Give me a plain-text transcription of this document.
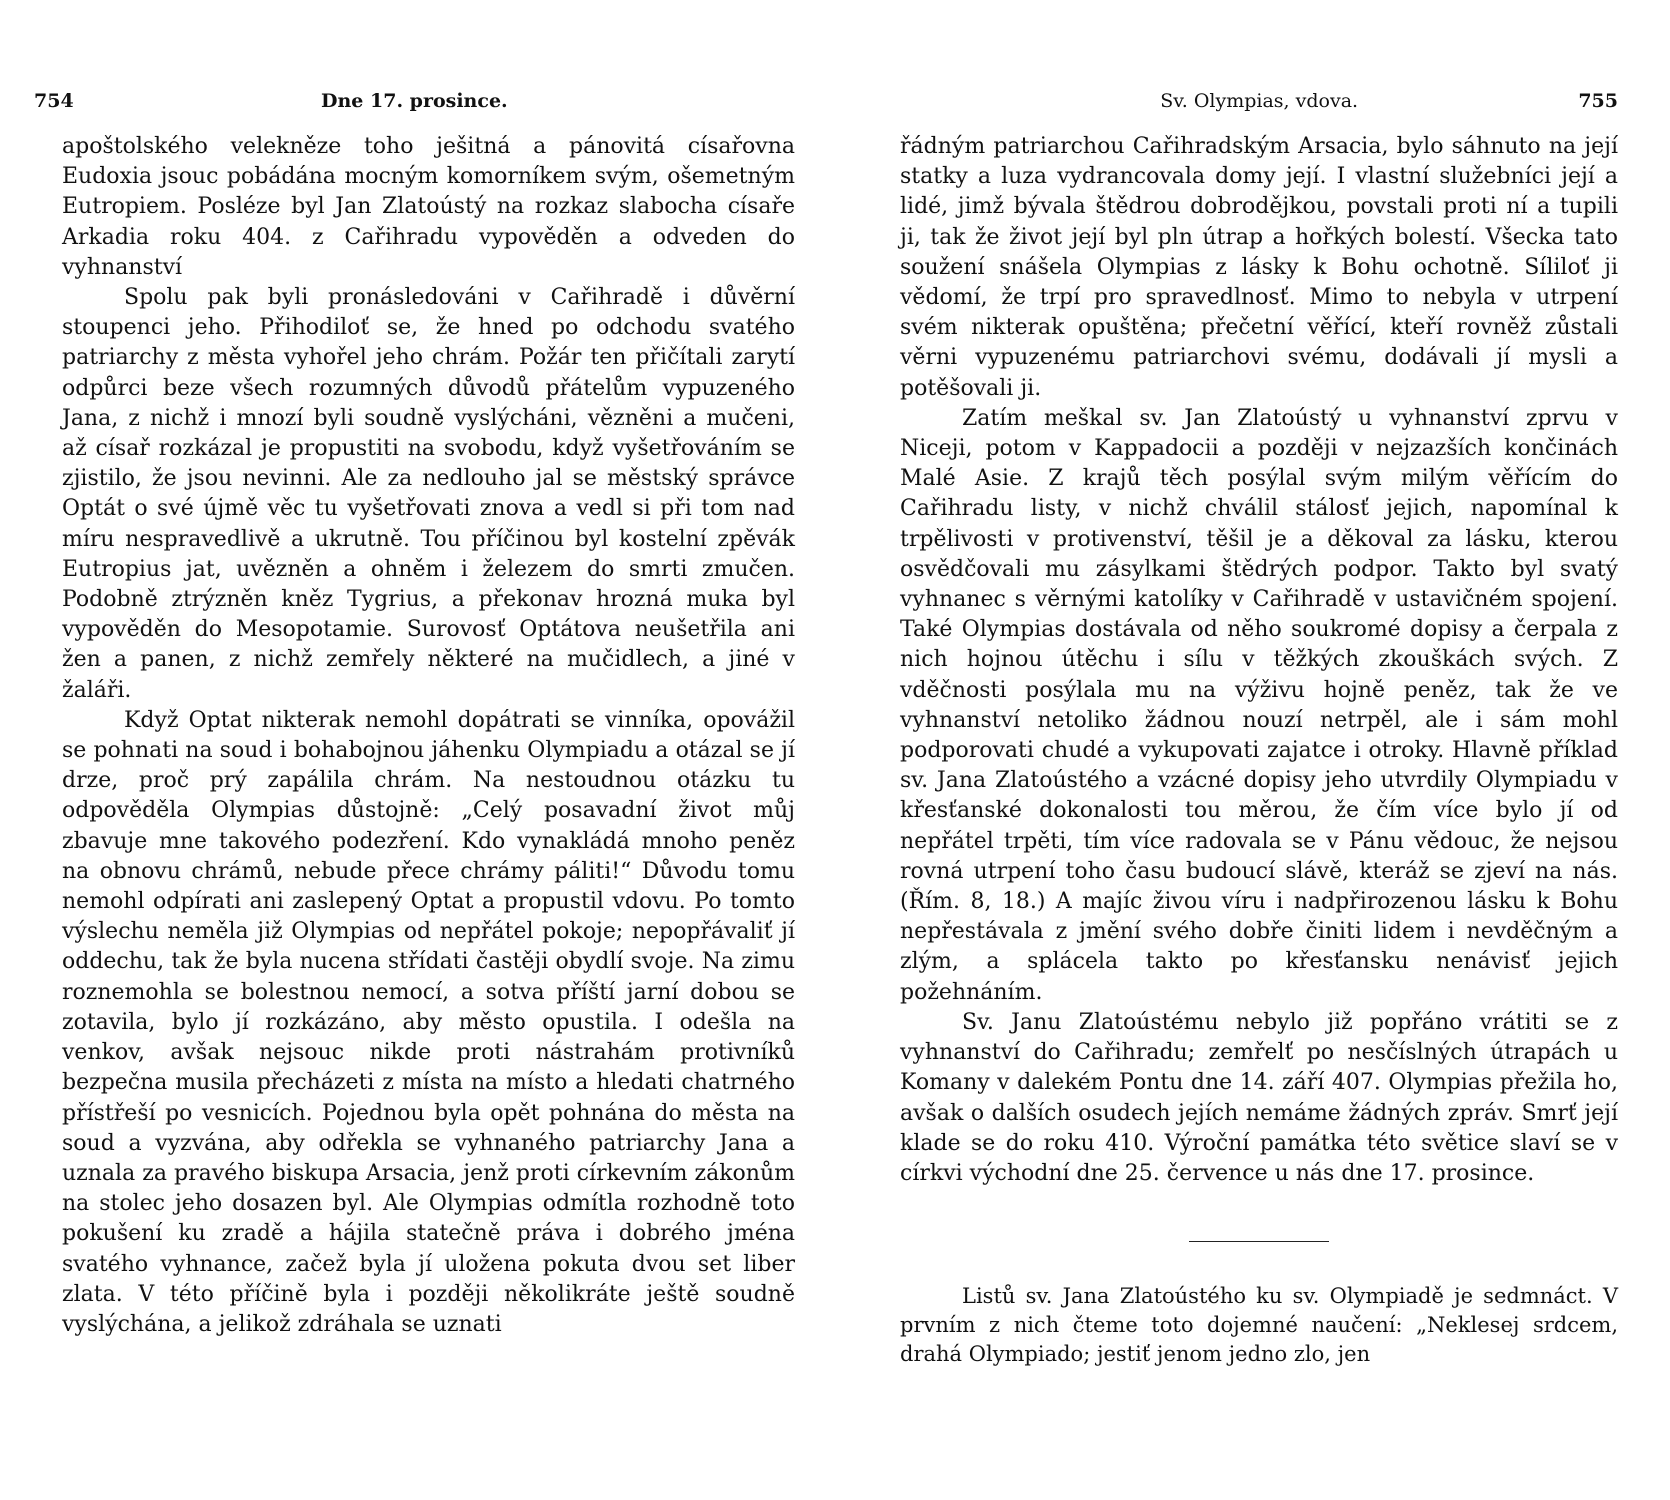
754	Dne 17. prosince.

apoštolského velekněze toho ješitná a pánovitá císařovna Eudoxia jsouc pobádána mocným komorníkem svým, ošemetným Eutropiem. Posléze byl Jan Zlatoústý na rozkaz slabocha císaře Arkadia roku 404. z Cařihradu vypověděn a odveden do vyhnanství

Spolu pak byli pronásledováni v Cařihradě i důvěrní stoupenci jeho. Přihodiloť se, že hned po odchodu svatého patriarchy z města vyhořel jeho chrám. Požár ten přičítali zarytí odpůrci beze všech rozumných důvodů přátelům vypuzeného Jana, z nichž i mnozí byli soudně vyslýcháni, vězněni a mučeni, až císař rozkázal je propustiti na svobodu, když vyšetřováním se zjistilo, že jsou nevinni. Ale za nedlouho jal se městský správce Optát o své újmě věc tu vyšetřovati znova a vedl si při tom nad míru nespravedlivě a ukrutně. Tou příčinou byl kostelní zpěvák Eutropius jat, uvězněn a ohněm i železem do smrti zmučen. Podobně ztrýzněn kněz Tygrius, a překonav hrozná muka byl vypověděn do Mesopotamie. Surovosť Optátova neušetřila ani žen a panen, z nichž zemřely některé na mučidlech, a jiné v žaláři.

Když Optat nikterak nemohl dopátrati se vinníka, opovážil se pohnati na soud i bohabojnou jáhenku Olympiadu a otázal se jí drze, proč prý zapálila chrám. Na nestoudnou otázku tu odpověděla Olympias důstojně: „Celý posavadní život můj zbavuje mne takového podezření. Kdo vynakládá mnoho peněz na obnovu chrámů, nebude přece chrámy páliti!“ Důvodu tomu nemohl odpírati ani zaslepený Optat a propustil vdovu. Po tomto výslechu neměla již Olympias od nepřátel pokoje; nepopřávaliť jí oddechu, tak že byla nucena střídati častěji obydlí svoje. Na zimu roznemohla se bolestnou nemocí, a sotva příští jarní dobou se zotavila, bylo jí rozkázáno, aby město opustila. I odešla na venkov, avšak nejsouc nikde proti nástrahám protivníků bezpečna musila přecházeti z místa na místo a hledati chatrného přístřeší po vesnicích. Pojednou byla opět pohnána do města na soud a vyzvána, aby odřekla se vyhnaného patriarchy Jana a uznala za pravého biskupa Arsacia, jenž proti církevním zákonům na stolec jeho dosazen byl. Ale Olympias odmítla rozhodně toto pokušení ku zradě a hájila statečně práva i dobrého jména svatého vyhnance, začež byla jí uložena pokuta dvou set liber zlata. V této příčině byla i později několikráte ještě soudně vyslýchána, a jelikož zdráhala se uznati

Sv. Olympias, vdova.	755

řádným patriarchou Cařihradským Arsacia, bylo sáhnuto na její statky a luza vydrancovala domy její. I vlastní služebníci její a lidé, jimž bývala štědrou dobrodějkou, povstali proti ní a tupili ji, tak že život její byl pln útrap a hořkých bolestí. Všecka tato soužení snášela Olympias z lásky k Bohu ochotně. Síliloť ji vědomí, že trpí pro spravedlnosť. Mimo to nebyla v utrpení svém nikterak opuštěna; přečetní věřící, kteří rovněž zůstali věrni vypuzenému patriarchovi svému, dodávali jí mysli a potěšovali ji.

Zatím meškal sv. Jan Zlatoústý u vyhnanství zprvu v Niceji, potom v Kappadocii a později v nejzazších končinách Malé Asie. Z krajů těch posýlal svým milým věřícím do Cařihradu listy, v nichž chválil stálosť jejich, napomínal k trpělivosti v protivenství, těšil je a děkoval za lásku, kterou osvědčovali mu zásylkami štědrých podpor. Takto byl svatý vyhnanec s věrnými katolíky v Cařihradě v ustavičném spojení. Také Olympias dostávala od něho soukromé dopisy a čerpala z nich hojnou útěchu i sílu v těžkých zkouškách svých. Z vděčnosti posýlala mu na výživu hojně peněz, tak že ve vyhnanství netoliko žádnou nouzí netrpěl, ale i sám mohl podporovati chudé a vykupovati zajatce i otroky. Hlavně příklad sv. Jana Zlatoústého a vzácné dopisy jeho utvrdily Olympiadu v křesťanské dokonalosti tou měrou, že čím více bylo jí od nepřátel trpěti, tím více radovala se v Pánu vědouc, že nejsou rovná utrpení toho času budoucí slávě, kteráž se zjeví na nás. (Řím. 8, 18.) A majíc živou víru i nadpřirozenou lásku k Bohu nepřestávala z jmění svého dobře činiti lidem i nevděčným a zlým, a splácela takto po křesťansku nenávisť jejich požehnáním.

Sv. Janu Zlatoústému nebylo již popřáno vrátiti se z vyhnanství do Cařihradu; zemřelť po nesčíslných útrapách u Komany v dalekém Pontu dne 14. září 407. Olympias přežila ho, avšak o dalších osudech jejích nemáme žádných zpráv. Smrť její klade se do roku 410. Výroční památka této světice slaví se v církvi východní dne 25. července u nás dne 17. prosince.

Listů sv. Jana Zlatoústého ku sv. Olympiadě je sedmnáct. V prvním z nich čteme toto dojemné naučení: „Neklesej srdcem, drahá Olympiado; jestiť jenom jedno zlo, jen
